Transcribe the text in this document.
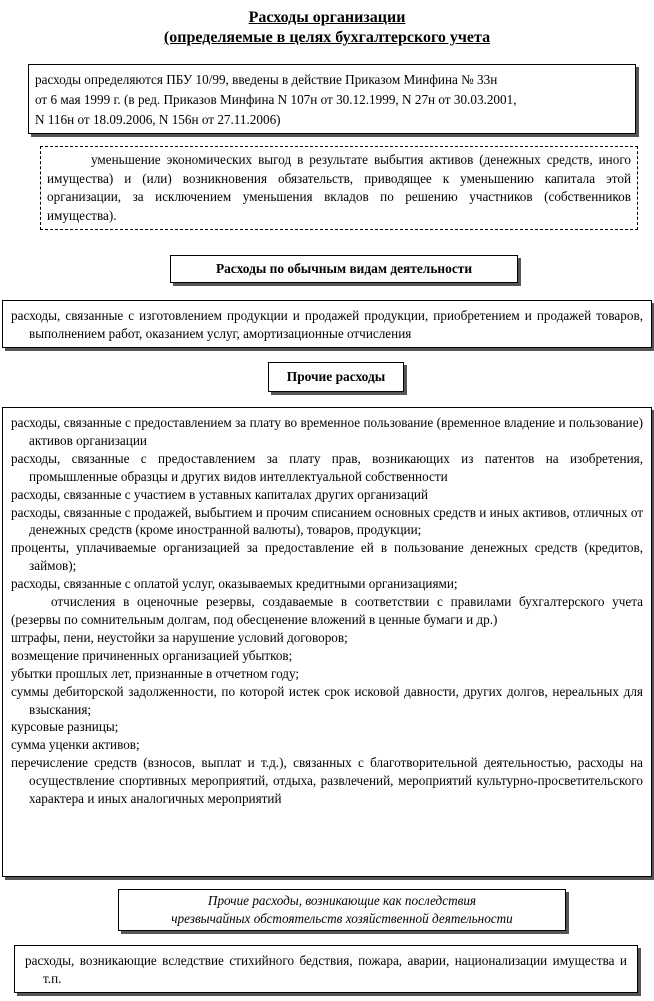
Расходы организации
(определяемые в целях бухгалтерского учета
расходы определяются ПБУ 10/99, введены в действие Приказом Минфина № 33н
от 6 мая 1999 г. (в ред. Приказов Минфина N 107н от 30.12.1999, N 27н от 30.03.2001,
N 116н от 18.09.2006, N 156н от 27.11.2006)
уменьшение экономических выгод в результате выбытия активов (денежных средств, иного имущества) и (или) возникновения обязательств, приводящее к уменьшению капитала этой организации, за исключением уменьшения вкладов по решению участников (собственников имущества).
Расходы по обычным видам деятельности

расходы, связанные с изготовлением продукции и продажей продукции, приобретением и продажей товаров, выполнением работ, оказанием услуг, амортизационные отчисления

Прочие расходы

расходы, связанные с предоставлением за плату во временное пользование (временное владение и пользование) активов организации

расходы, связанные с предоставлением за плату прав, возникающих из патентов на изобретения, промышленные образцы и других видов интеллектуальной собственности

расходы, связанные с участием в уставных капиталах других организаций

расходы, связанные с продажей, выбытием и прочим списанием основных средств и иных активов, отличных от денежных средств (кроме иностранной валюты), товаров, продукции;

проценты, уплачиваемые организацией за предоставление ей в пользование денежных средств (кредитов, займов);

расходы, связанные с оплатой услуг, оказываемых кредитными организациями;

отчисления в оценочные резервы, создаваемые в соответствии с правилами бухгалтерского учета (резервы по сомнительным долгам, под обесценение вложений в ценные бумаги и др.)

штрафы, пени, неустойки за нарушение условий договоров;

возмещение причиненных организацией убытков;

убытки прошлых лет, признанные в отчетном году;

суммы дебиторской задолженности, по которой истек срок исковой давности, других долгов, нереальных для взыскания;

курсовые разницы;

сумма уценки активов;

перечисление средств (взносов, выплат и т.д.), связанных с благотворительной деятельностью, расходы на осуществление спортивных мероприятий, отдыха, развлечений, мероприятий культурно-просветительского характера и иных аналогичных мероприятий

Прочие расходы, возникающие как последствия
чрезвычайных обстоятельств хозяйственной деятельности

расходы, возникающие вследствие стихийного бедствия, пожара, аварии, национализации имущества и т.п.
